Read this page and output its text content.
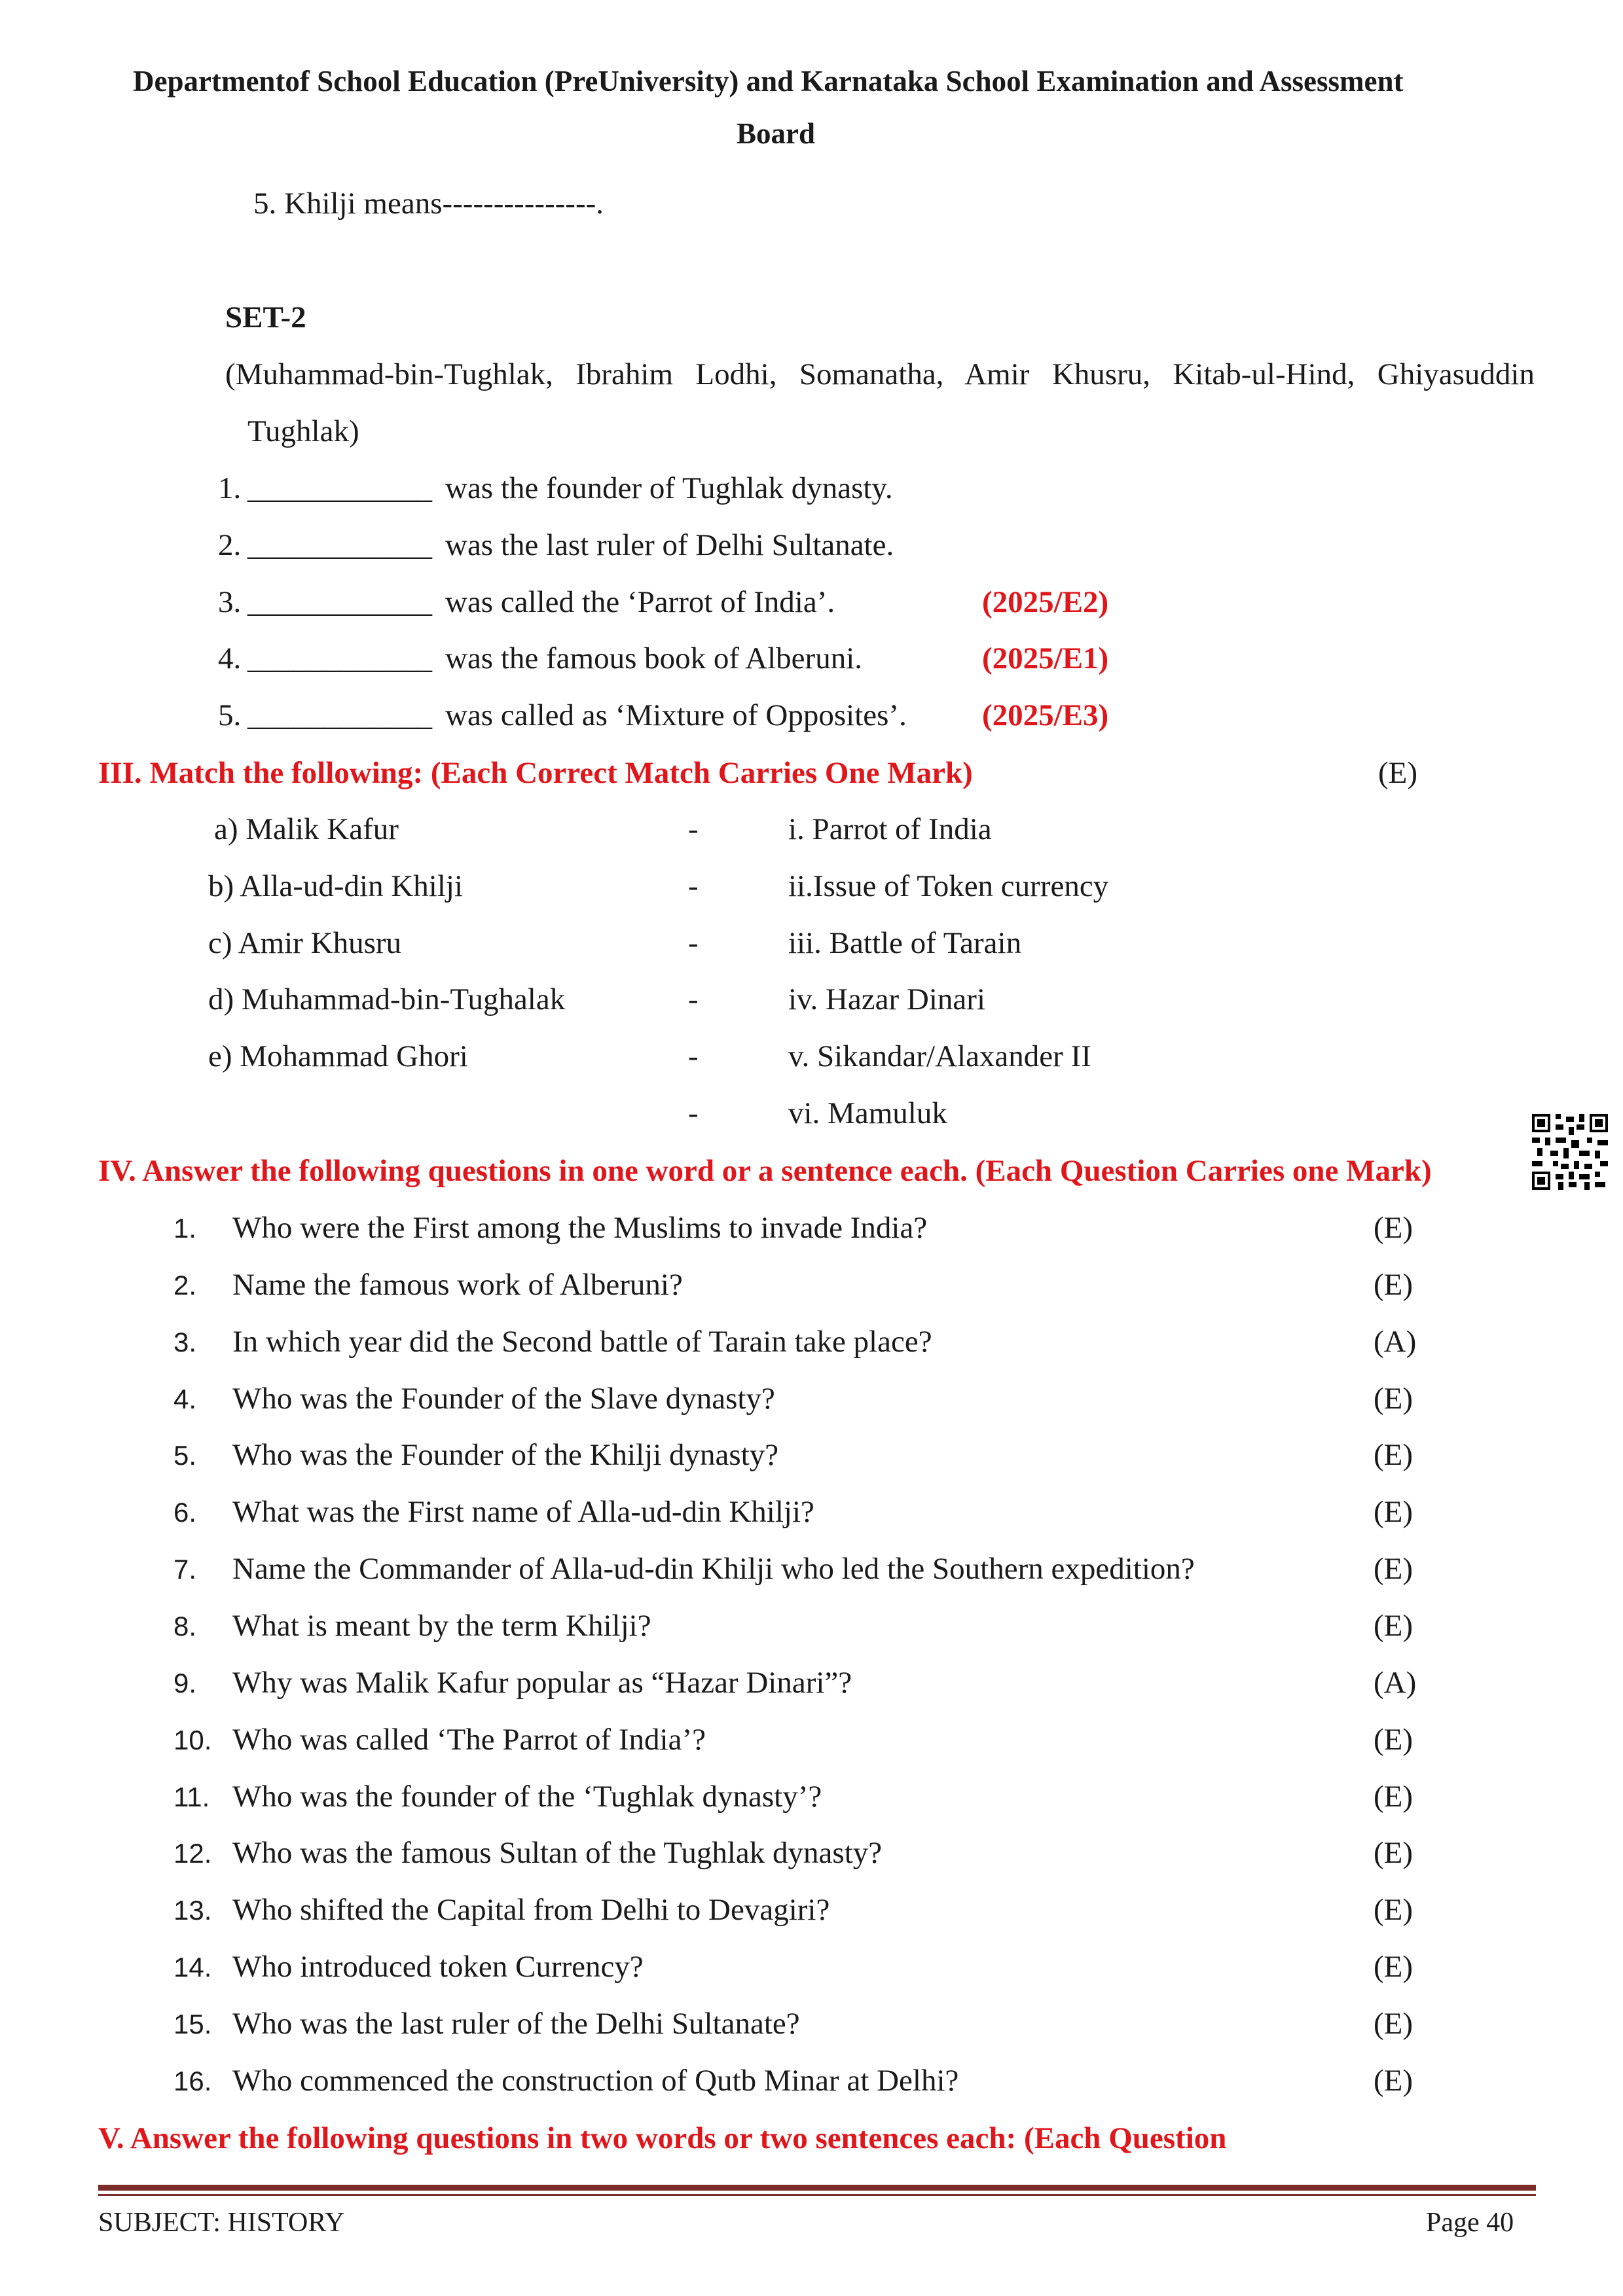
Departmentof School Education (PreUniversity) and Karnataka School Examination and Assessment
Board
5. Khilji means---------------.
SET-2
(Muhammad-bin-Tughlak, Ibrahim Lodhi, Somanatha, Amir Khusru, Kitab-ul-Hind, Ghiyasuddin
Tughlak)
1. ____________ was the founder of Tughlak dynasty.
2. ____________ was the last ruler of Delhi Sultanate.
3. ____________ was called the ‘Parrot of India’.	(2025/E2)
4. ____________ was the famous book of Alberuni.	(2025/E1)
5. ____________ was called as ‘Mixture of Opposites’. (2025/E3)
III. Match the following: (Each Correct Match Carries One Mark)	(E)
a) Malik Kafur	-	i. Parrot of India
b) Alla-ud-din Khilji	-	ii.Issue of Token currency
c) Amir Khusru	-	iii. Battle of Tarain
d) Muhammad-bin-Tughalak	-	iv. Hazar Dinari
e) Mohammad Ghori	-	v. Sikandar/Alaxander II
-	vi. Mamuluk
IV. Answer the following questions in one word or a sentence each. (Each Question Carries one Mark)
1. Who were the First among the Muslims to invade India?	(E)
2. Name the famous work of Alberuni?	(E)
3. In which year did the Second battle of Tarain take place?	(A)
4. Who was the Founder of the Slave dynasty?	(E)
5. Who was the Founder of the Khilji dynasty?	(E)
6. What was the First name of Alla-ud-din Khilji?	(E)
7. Name the Commander of Alla-ud-din Khilji who led the Southern expedition?	(E)
8. What is meant by the term Khilji?	(E)
9. Why was Malik Kafur popular as “Hazar Dinari”?	(A)
10. Who was called ‘The Parrot of India’?	(E)
11. Who was the founder of the ‘Tughlak dynasty’?	(E)
12. Who was the famous Sultan of the Tughlak dynasty?	(E)
13. Who shifted the Capital from Delhi to Devagiri?	(E)
14. Who introduced token Currency?	(E)
15. Who was the last ruler of the Delhi Sultanate?	(E)
16. Who commenced the construction of Qutb Minar at Delhi?	(E)
V. Answer the following questions in two words or two sentences each: (Each Question
SUBJECT: HISTORY	Page 40
